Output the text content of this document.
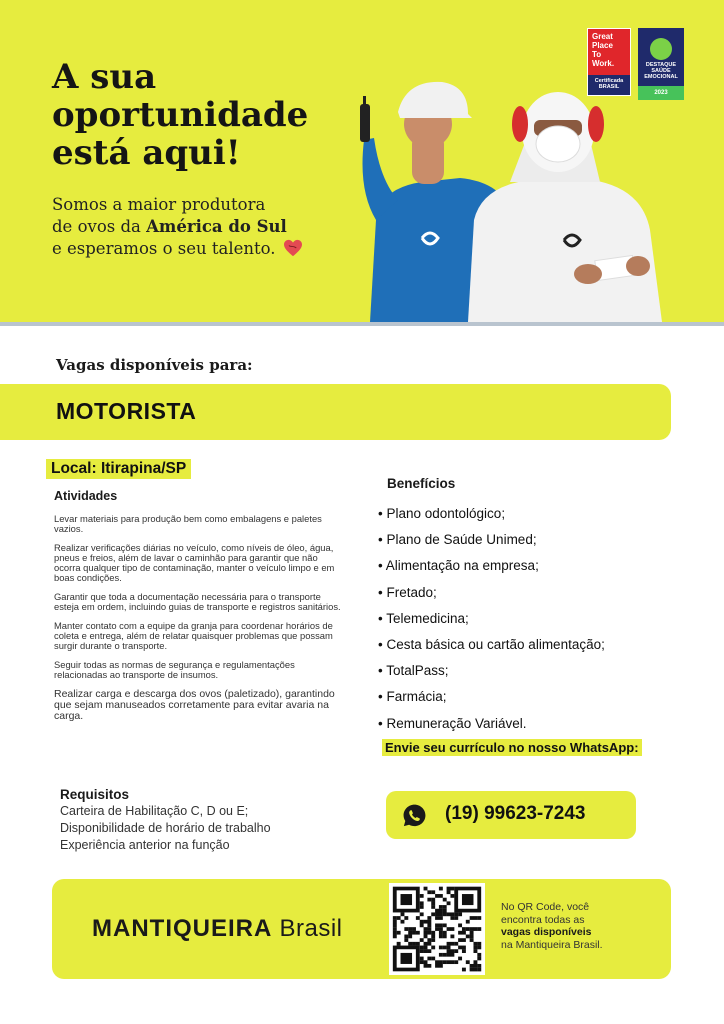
A sua
oportunidade
está aqui!
Somos a maior produtora
de ovos da América do Sul
e esperamos o seu talento.
Great
Place
To
Work.
Certificada
BRASIL
DESTAQUE
SAÚDE EMOCIONAL
2023
Vagas disponíveis para:
MOTORISTA
Local: Itirapina/SP
Atividades
Levar materiais para produção bem como embalagens e paletes vazios.
Realizar verificações diárias no veículo, como níveis de óleo, água, pneus e freios, além de lavar o caminhão para garantir que não ocorra qualquer tipo de contaminação, manter o veículo limpo e em boas condições.
Garantir que toda a documentação necessária para o transporte esteja em ordem, incluindo guias de transporte e registros sanitários.
Manter contato com a equipe da granja para coordenar horários de coleta e entrega, além de relatar quaisquer problemas que possam surgir durante o transporte.
Seguir todas as normas de segurança e regulamentações relacionadas ao transporte de insumos.
Realizar carga e descarga dos ovos (paletizado), garantindo que sejam manuseados corretamente para evitar avaria na carga.
Requisitos
Carteira de Habilitação C, D ou E;
Disponibilidade de horário de trabalho
Experiência anterior na função
Benefícios
• Plano odontológico;
• Plano de Saúde Unimed;
• Alimentação na empresa;
• Fretado;
• Telemedicina;
• Cesta básica ou cartão alimentação;
• TotalPass;
• Farmácia;
• Remuneração Variável.
Envie seu currículo no nosso WhatsApp:
(19) 99623-7243
MANTIQUEIRA Brasil
No QR Code, você
encontra todas as
vagas disponíveis
na Mantiqueira Brasil.
